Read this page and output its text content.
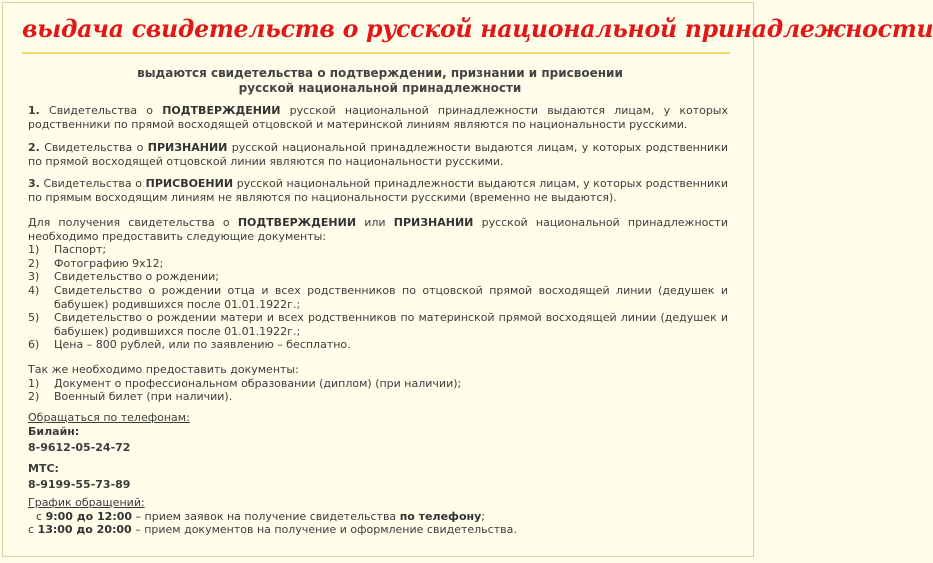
выдача свидетельств о русской национальной принадлежности
выдаются свидетельства о подтверждении, признании и присвоении
русской национальной принадлежности
1. Свидетельства о ПОДТВЕРЖДЕНИИ русской национальной принадлежности выдаются лицам, у которых родственники по прямой восходящей отцовской и материнской линиям являются по национальности русскими.
2. Свидетельства о ПРИЗНАНИИ русской национальной принадлежности выдаются лицам, у которых родственники по прямой восходящей отцовской линии являются по национальности русскими.
3. Свидетельства о ПРИСВОЕНИИ русской национальной принадлежности выдаются лицам, у которых родственники по прямым восходящим линиям не являются по национальности русскими (временно не выдаются).
Для получения свидетельства о ПОДТВЕРЖДЕНИИ или ПРИЗНАНИИ русской национальной принадлежности необходимо предоставить следующие документы:
1)	Паспорт;
2)	Фотографию 9х12;
3)	Свидетельство о рождении;
4)	Свидетельство о рождении отца и всех родственников по отцовской прямой восходящей линии (дедушек и бабушек) родившихся после 01.01.1922г.;
5)	Свидетельство о рождении матери и всех родственников по материнской прямой восходящей линии (дедушек и бабушек) родившихся после 01.01.1922г.;
6)	Цена – 800 рублей, или по заявлению – бесплатно.
Так же необходимо предоставить документы:
1)	Документ о профессиональном образовании (диплом) (при наличии);
2)	Военный билет (при наличии).
Обращаться по телефонам:
Билайн:
8-9612-05-24-72
МТС:
8-9199-55-73-89
График обращений:
с 9:00 до 12:00 – прием заявок на получение свидетельства по телефону;
с 13:00 до 20:00 – прием документов на получение и оформление свидетельства.
